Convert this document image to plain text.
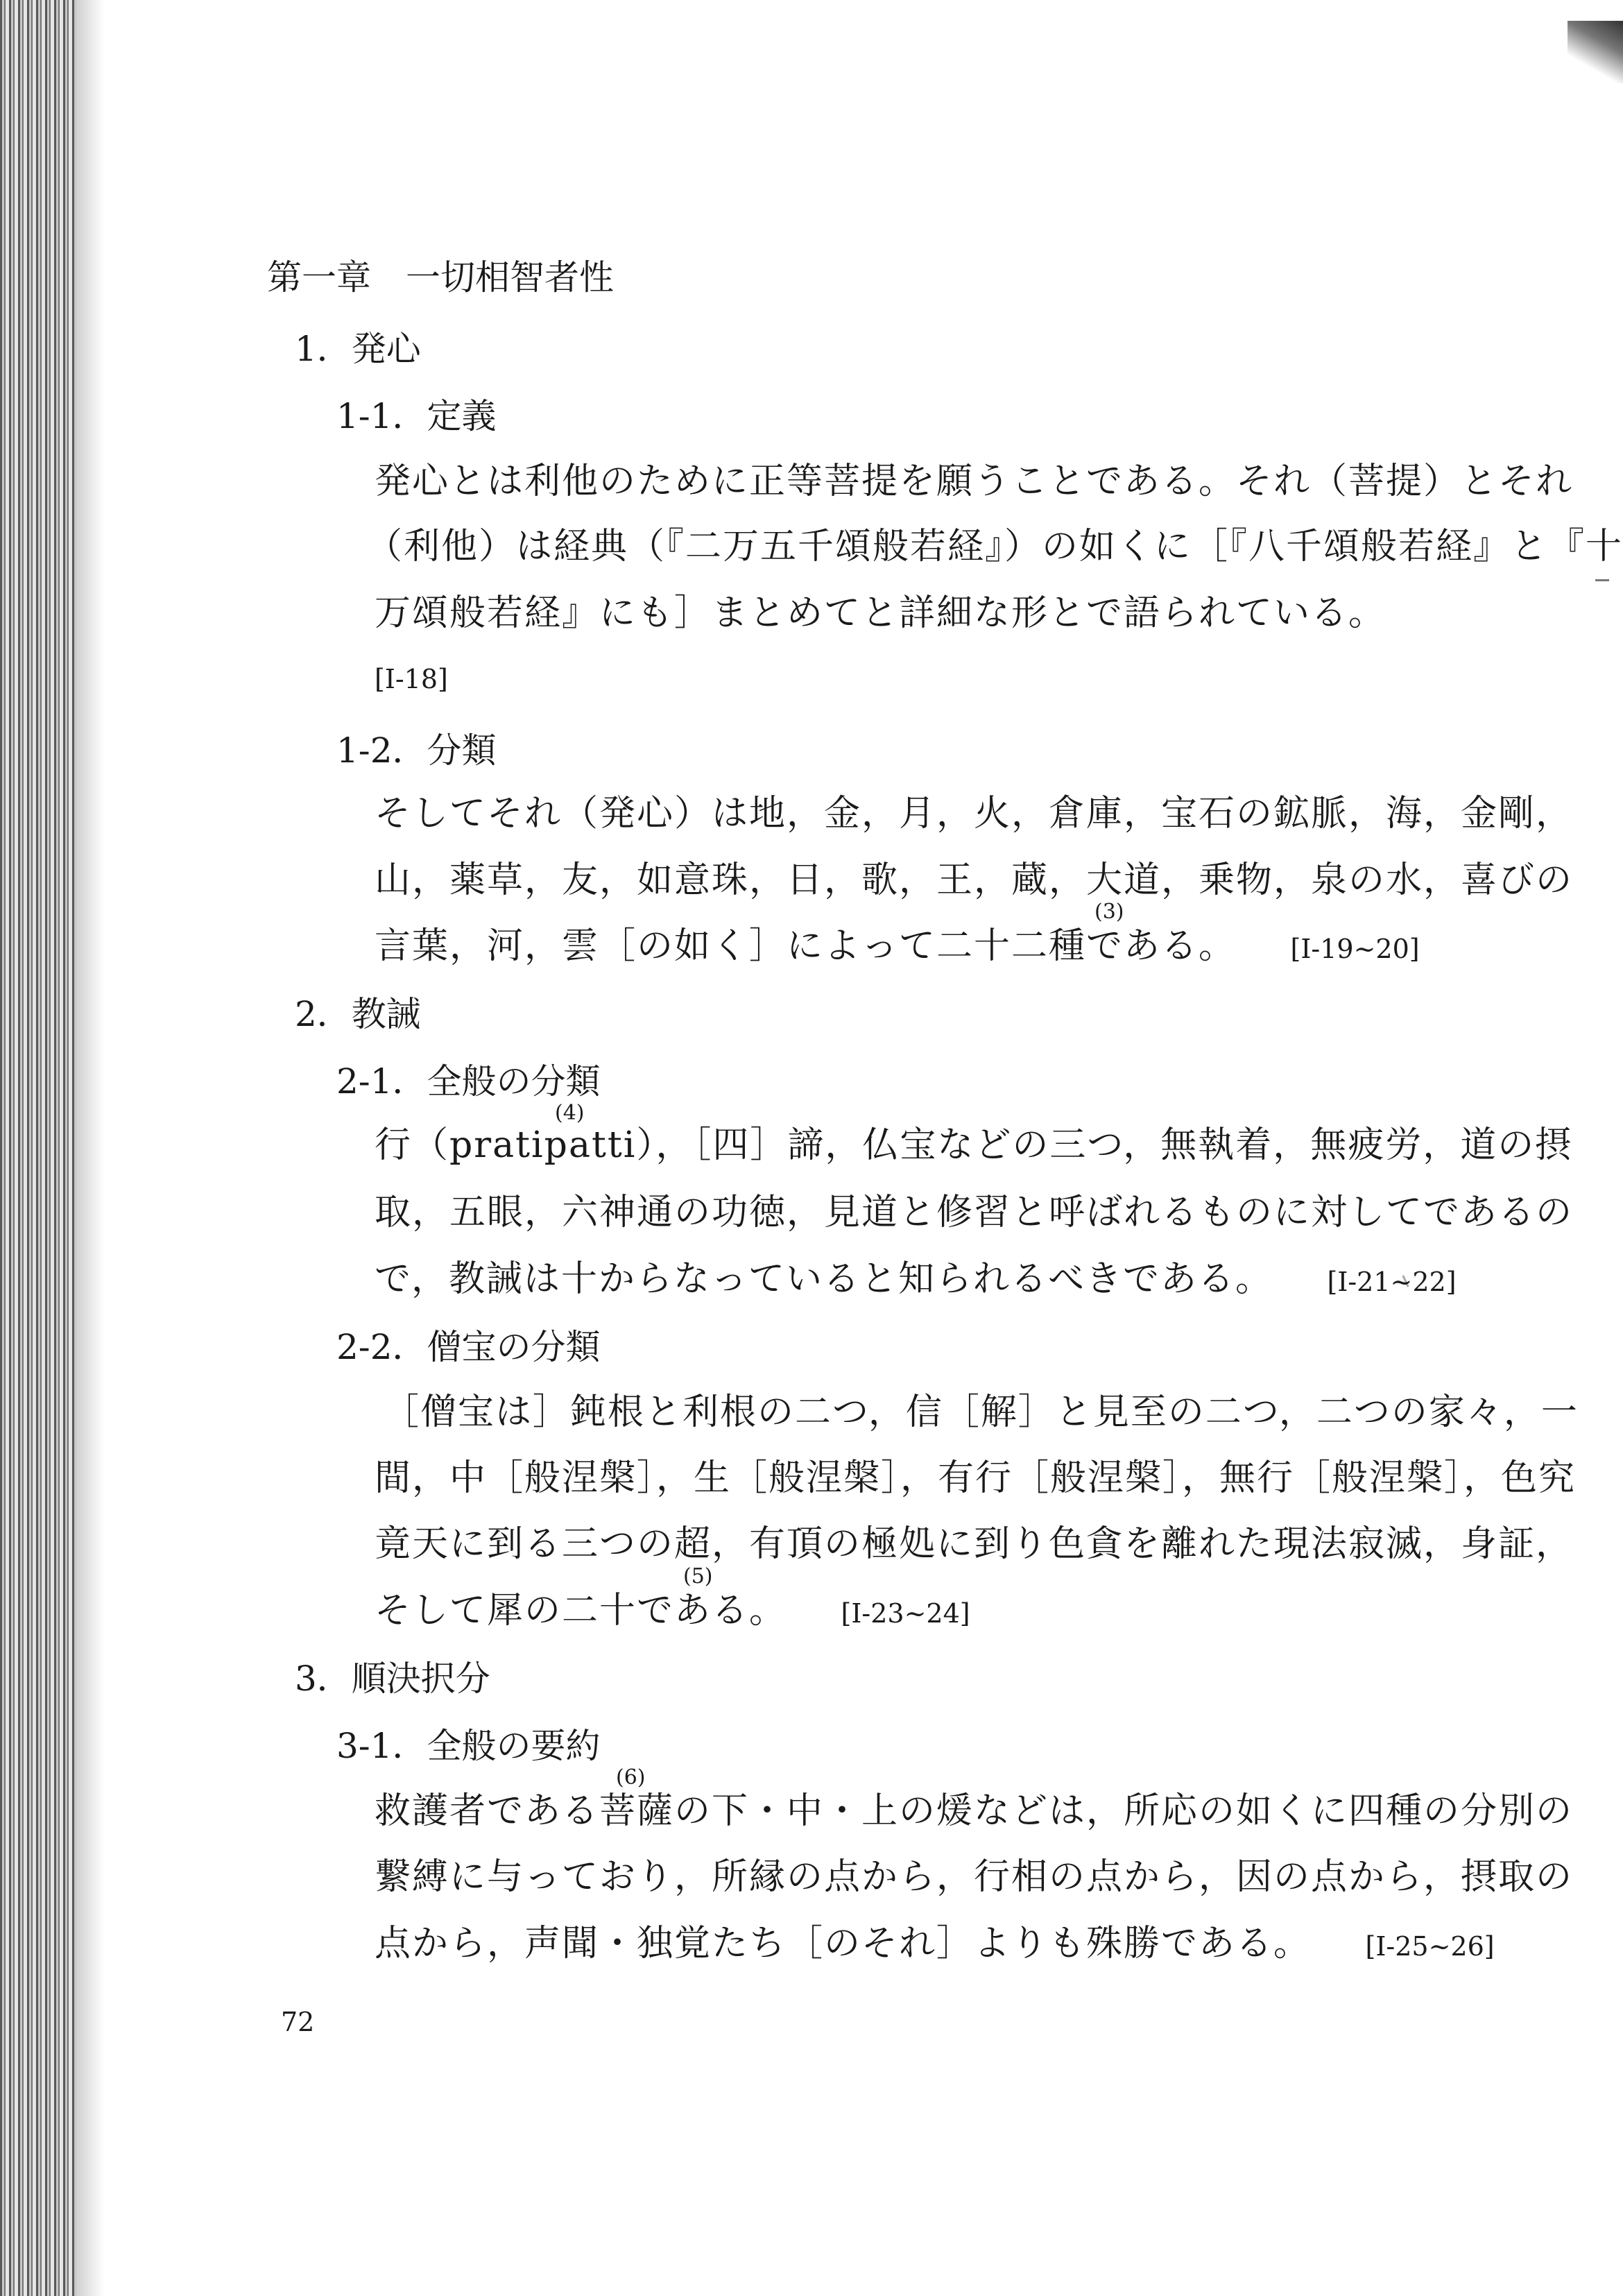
第一章　一切相智者性
1．発心
1-1．定義
発心とは利他のために正等菩提を願うことである。それ（菩提）とそれ
（利他）は経典（『二万五千頌般若経』）の如くに［『八千頌般若経』と『十
万頌般若経』にも］まとめてと詳細な形とで語られている。
[I-18]
1-2．分類
そしてそれ（発心）は地，金，月，火，倉庫，宝石の鉱脈，海，金剛，
山，薬草，友，如意珠，日，歌，王，蔵，大道，乗物，泉の水，喜びの
言葉，河，雲［の如く］によって二十二種である。 [I-19~20]
(3)
2．教誡
2-1．全般の分類
行（pratipatti），［四］諦，仏宝などの三つ，無執着，無疲労，道の摂
(4)
取，五眼，六神通の功徳，見道と修習と呼ばれるものに対してであるの
で，教誡は十からなっていると知られるべきである。 [I-21~22]
2-2．僧宝の分類
［僧宝は］鈍根と利根の二つ，信［解］と見至の二つ，二つの家々，一
間，中［般涅槃］，生［般涅槃］，有行［般涅槃］，無行［般涅槃］，色究
竟天に到る三つの超，有頂の極処に到り色貪を離れた現法寂滅，身証，
そして犀の二十である。 [I-23~24]
(5)
3．順決択分
3-1．全般の要約
救護者である菩薩の下・中・上の煖などは，所応の如くに四種の分別の
(6)
繋縛に与っており，所縁の点から，行相の点から，因の点から，摂取の
点から，声聞・独覚たち［のそれ］よりも殊勝である。 [I-25~26]
72
